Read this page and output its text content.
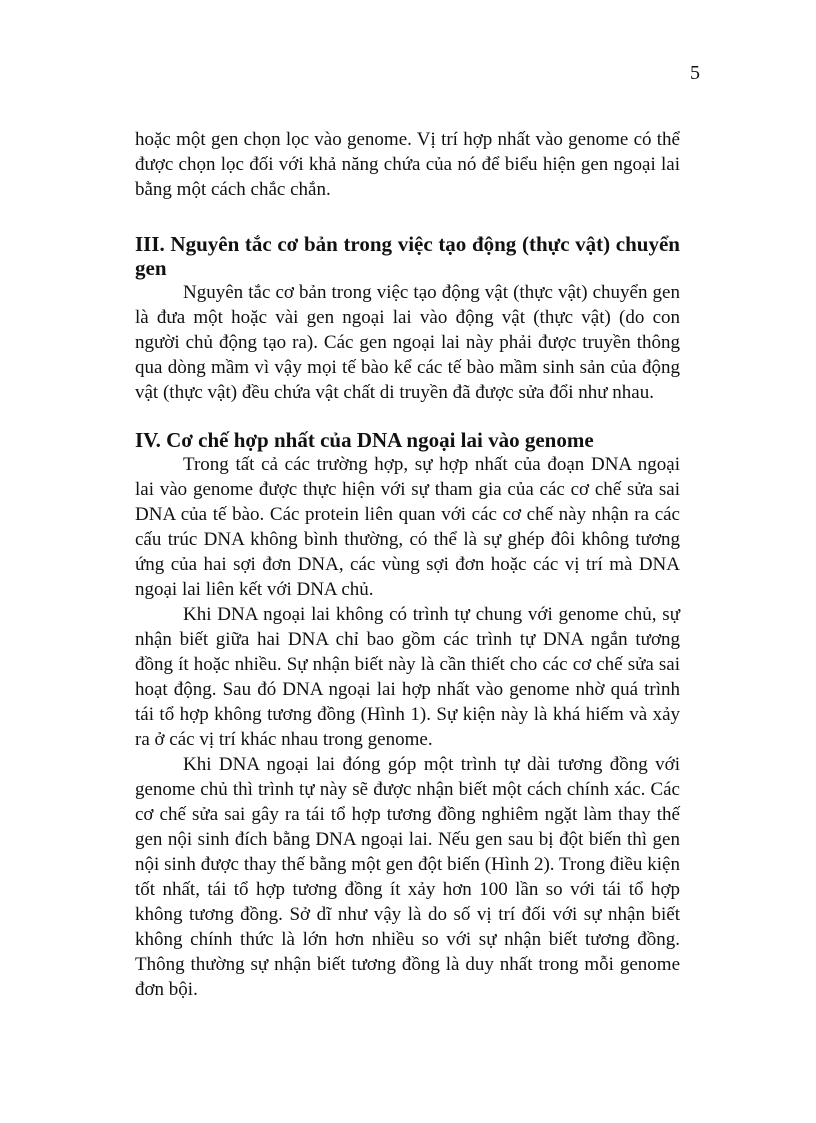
5

hoặc một gen chọn lọc vào genome. Vị trí hợp nhất vào genome có thể được chọn lọc đối với khả năng chứa của nó để biểu hiện gen ngoại lai bằng một cách chắc chắn.

III. Nguyên tắc cơ bản trong việc tạo động (thực vật) chuyển gen

Nguyên tắc cơ bản trong việc tạo động vật (thực vật) chuyển gen là đưa một hoặc vài gen ngoại lai vào động vật (thực vật) (do con người chủ động tạo ra). Các gen ngoại lai này phải được truyền thông qua dòng mầm vì vậy mọi tế bào kể các tế bào mầm sinh sản của động vật (thực vật) đều chứa vật chất di truyền đã được sửa đổi như nhau.

IV. Cơ chế hợp nhất của DNA ngoại lai vào genome

Trong tất cả các trường hợp, sự hợp nhất của đoạn DNA ngoại lai vào genome được thực hiện với sự tham gia của các cơ chế sửa sai DNA của tế bào. Các protein liên quan với các cơ chế này nhận ra các cấu trúc DNA không bình thường, có thể là sự ghép đôi không tương ứng của hai sợi đơn DNA, các vùng sợi đơn hoặc các vị trí mà DNA ngoại lai liên kết với DNA chủ.

Khi DNA ngoại lai không có trình tự chung với genome chủ, sự nhận biết giữa hai DNA chỉ bao gồm các trình tự DNA ngắn tương đồng ít hoặc nhiều. Sự nhận biết này là cần thiết cho các cơ chế sửa sai hoạt động. Sau đó DNA ngoại lai hợp nhất vào genome nhờ quá trình tái tổ hợp không tương đồng (Hình 1). Sự kiện này là khá hiếm và xảy ra ở các vị trí khác nhau trong genome.

Khi DNA ngoại lai đóng góp một trình tự dài tương đồng với genome chủ thì trình tự này sẽ được nhận biết một cách chính xác. Các cơ chế sửa sai gây ra tái tổ hợp tương đồng nghiêm ngặt làm thay thế gen nội sinh đích bằng DNA ngoại lai. Nếu gen sau bị đột biến thì gen nội sinh được thay thế bằng một gen đột biến (Hình 2). Trong điều kiện tốt nhất, tái tổ hợp tương đồng ít xảy hơn 100 lần so với tái tổ hợp không tương đồng. Sở dĩ như vậy là do số vị trí đối với sự nhận biết không chính thức là lớn hơn nhiều so với sự nhận biết tương đồng. Thông thường sự nhận biết tương đồng là duy nhất trong mỗi genome đơn bội.
